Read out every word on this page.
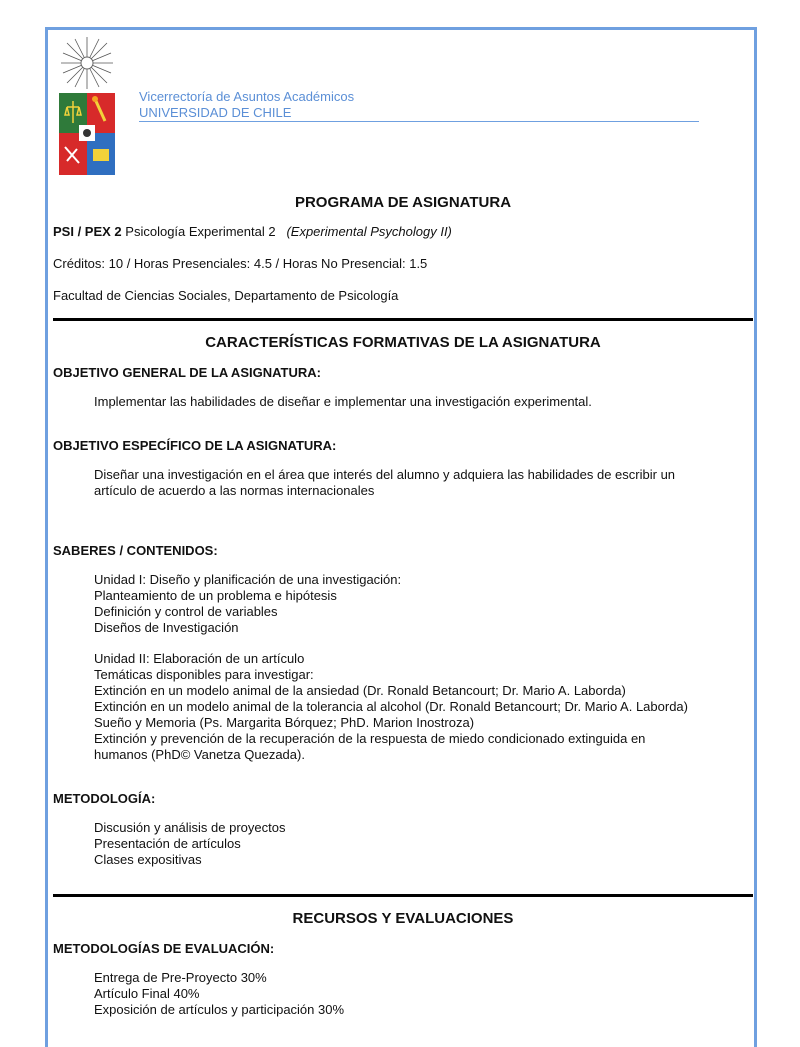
Vicerrectoría de Asuntos Académicos
UNIVERSIDAD DE CHILE
PROGRAMA DE ASIGNATURA
PSI / PEX 2 Psicología Experimental 2 (Experimental Psychology II)
Créditos: 10 / Horas Presenciales: 4.5 / Horas No Presencial: 1.5
Facultad de Ciencias Sociales, Departamento de Psicología
CARACTERÍSTICAS FORMATIVAS DE LA ASIGNATURA
OBJETIVO GENERAL DE LA ASIGNATURA:
Implementar las habilidades de diseñar e implementar una investigación experimental.
OBJETIVO ESPECÍFICO DE LA ASIGNATURA:
Diseñar una investigación en el área que interés del alumno y adquiera las habilidades de escribir un
artículo de acuerdo a las normas internacionales
SABERES / CONTENIDOS:
Unidad I: Diseño y planificación de una investigación:
Planteamiento de un problema e hipótesis
Definición y control de variables
Diseños de Investigación
Unidad II: Elaboración de un artículo
Temáticas disponibles para investigar:
Extinción en un modelo animal de la ansiedad (Dr. Ronald Betancourt; Dr. Mario A. Laborda)
Extinción en un modelo animal de la tolerancia al alcohol (Dr. Ronald Betancourt; Dr. Mario A. Laborda)
Sueño y Memoria (Ps. Margarita Bórquez; PhD. Marion Inostroza)
Extinción y prevención de la recuperación de la respuesta de miedo condicionado extinguida en
humanos (PhD© Vanetza Quezada).
METODOLOGÍA:
Discusión y análisis de proyectos
Presentación de artículos
Clases expositivas
RECURSOS Y EVALUACIONES
METODOLOGÍAS DE EVALUACIÓN:
Entrega de Pre-Proyecto 30%
Artículo Final 40%
Exposición de artículos y participación 30%
